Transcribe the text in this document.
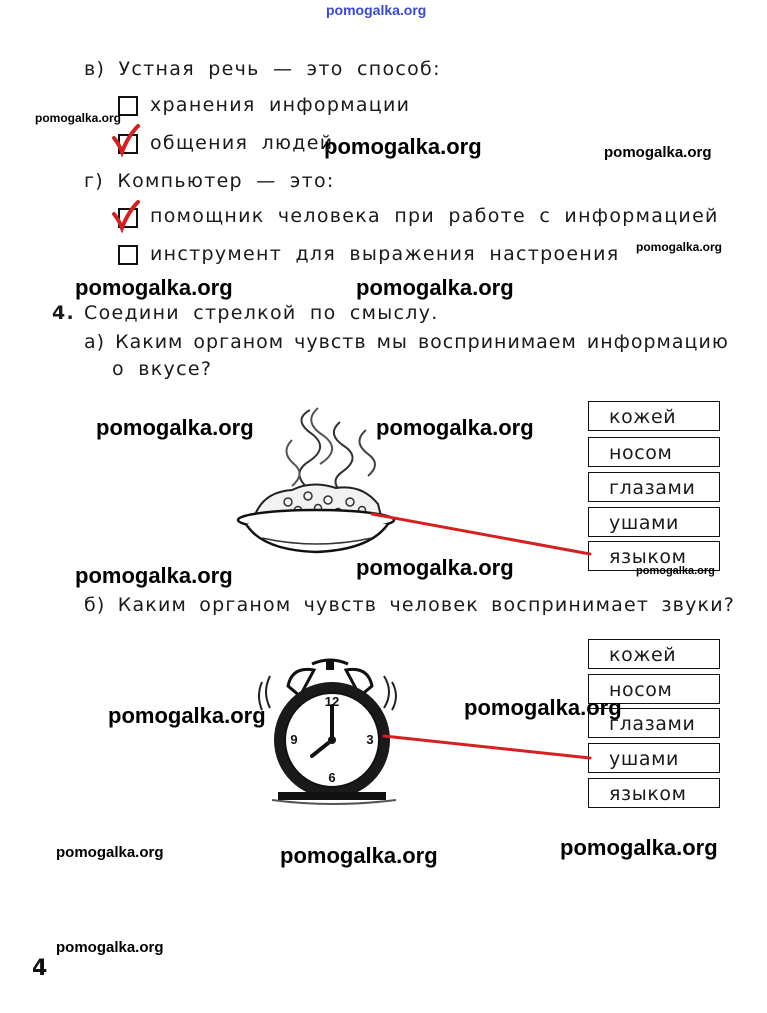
pomogalka.org
в) Устная речь — это способ:
хранения информации
общения людей
г) Компьютер — это:
помощник человека при работе с информацией
инструмент для выражения настроения
4. Соедини стрелкой по смыслу.
а) Каким органом чувств мы воспринимаем информацию
о вкусе?
кожей
носом
глазами
ушами
языком
б) Каким органом чувств человек воспринимает звуки?
12
3
6
9
кожей
носом
глазами
ушами
языком
pomogalka.org
pomogalka.org	pomogalka.org
pomogalka.org
pomogalka.org	pomogalka.org
pomogalka.org	pomogalka.org
pomogalka.org	pomogalka.org	pomogalka.org
pomogalka.org	pomogalka.org
pomogalka.org	pomogalka.org	pomogalka.org
pomogalka.org
4
